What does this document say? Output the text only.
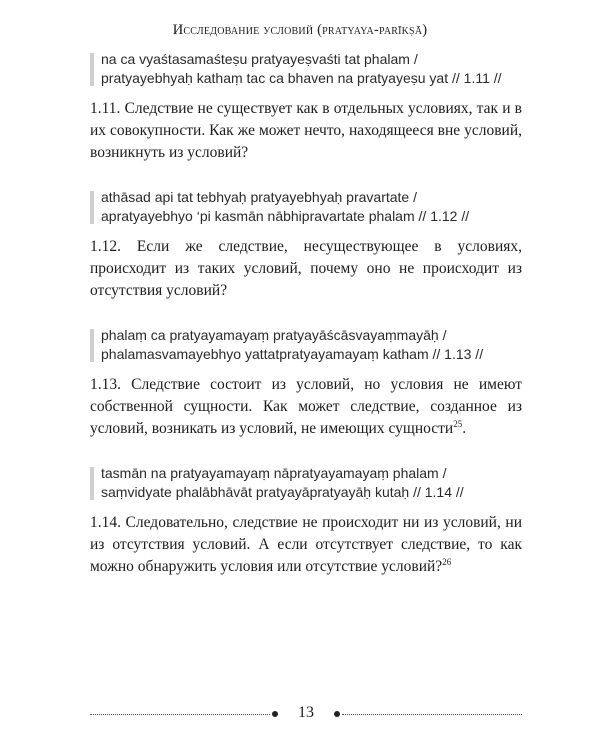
Исследование условий (pratyaya-parīkṣā)
na ca vyaśtasamaśteṣu pratyayeṣvaśti tat phalam /
pratyayebhyaḥ kathaṃ tac ca bhaven na pratyayeṣu yat // 1.11 //
1.11. Следствие не существует как в отдельных условиях, так и в их совокупности. Как же может нечто, находящееся вне условий, возникнуть из условий?
athāsad api tat tebhyaḥ pratyayebhyaḥ pravartate /
apratyayebhyo ‘pi kasmān nābhipravartate phalam // 1.12 //
1.12. Если же следствие, несуществующее в условиях, происходит из таких условий, почему оно не происходит из отсутствия условий?
phalaṃ ca pratyayamayaṃ pratyayāścāsvayaṃmayāḥ /
phalamasvamayebhyo yattatpratyayamayaṃ katham // 1.13 //
1.13. Следствие состоит из условий, но условия не имеют собственной сущности. Как может следствие, созданное из условий, возникать из условий, не имеющих сущности$^{25}$.
tasmān na pratyayamayaṃ nāpratyayamayaṃ phalam /
saṃvidyate phalābhāvāt pratyayāpratyayāḥ kutaḥ // 1.14 //
1.14. Следовательно, следствие не происходит ни из условий, ни из отсутствия условий. А если отсутствует следствие, то как можно обнаружить условия или отсутствие условий?$^{26}$
13
